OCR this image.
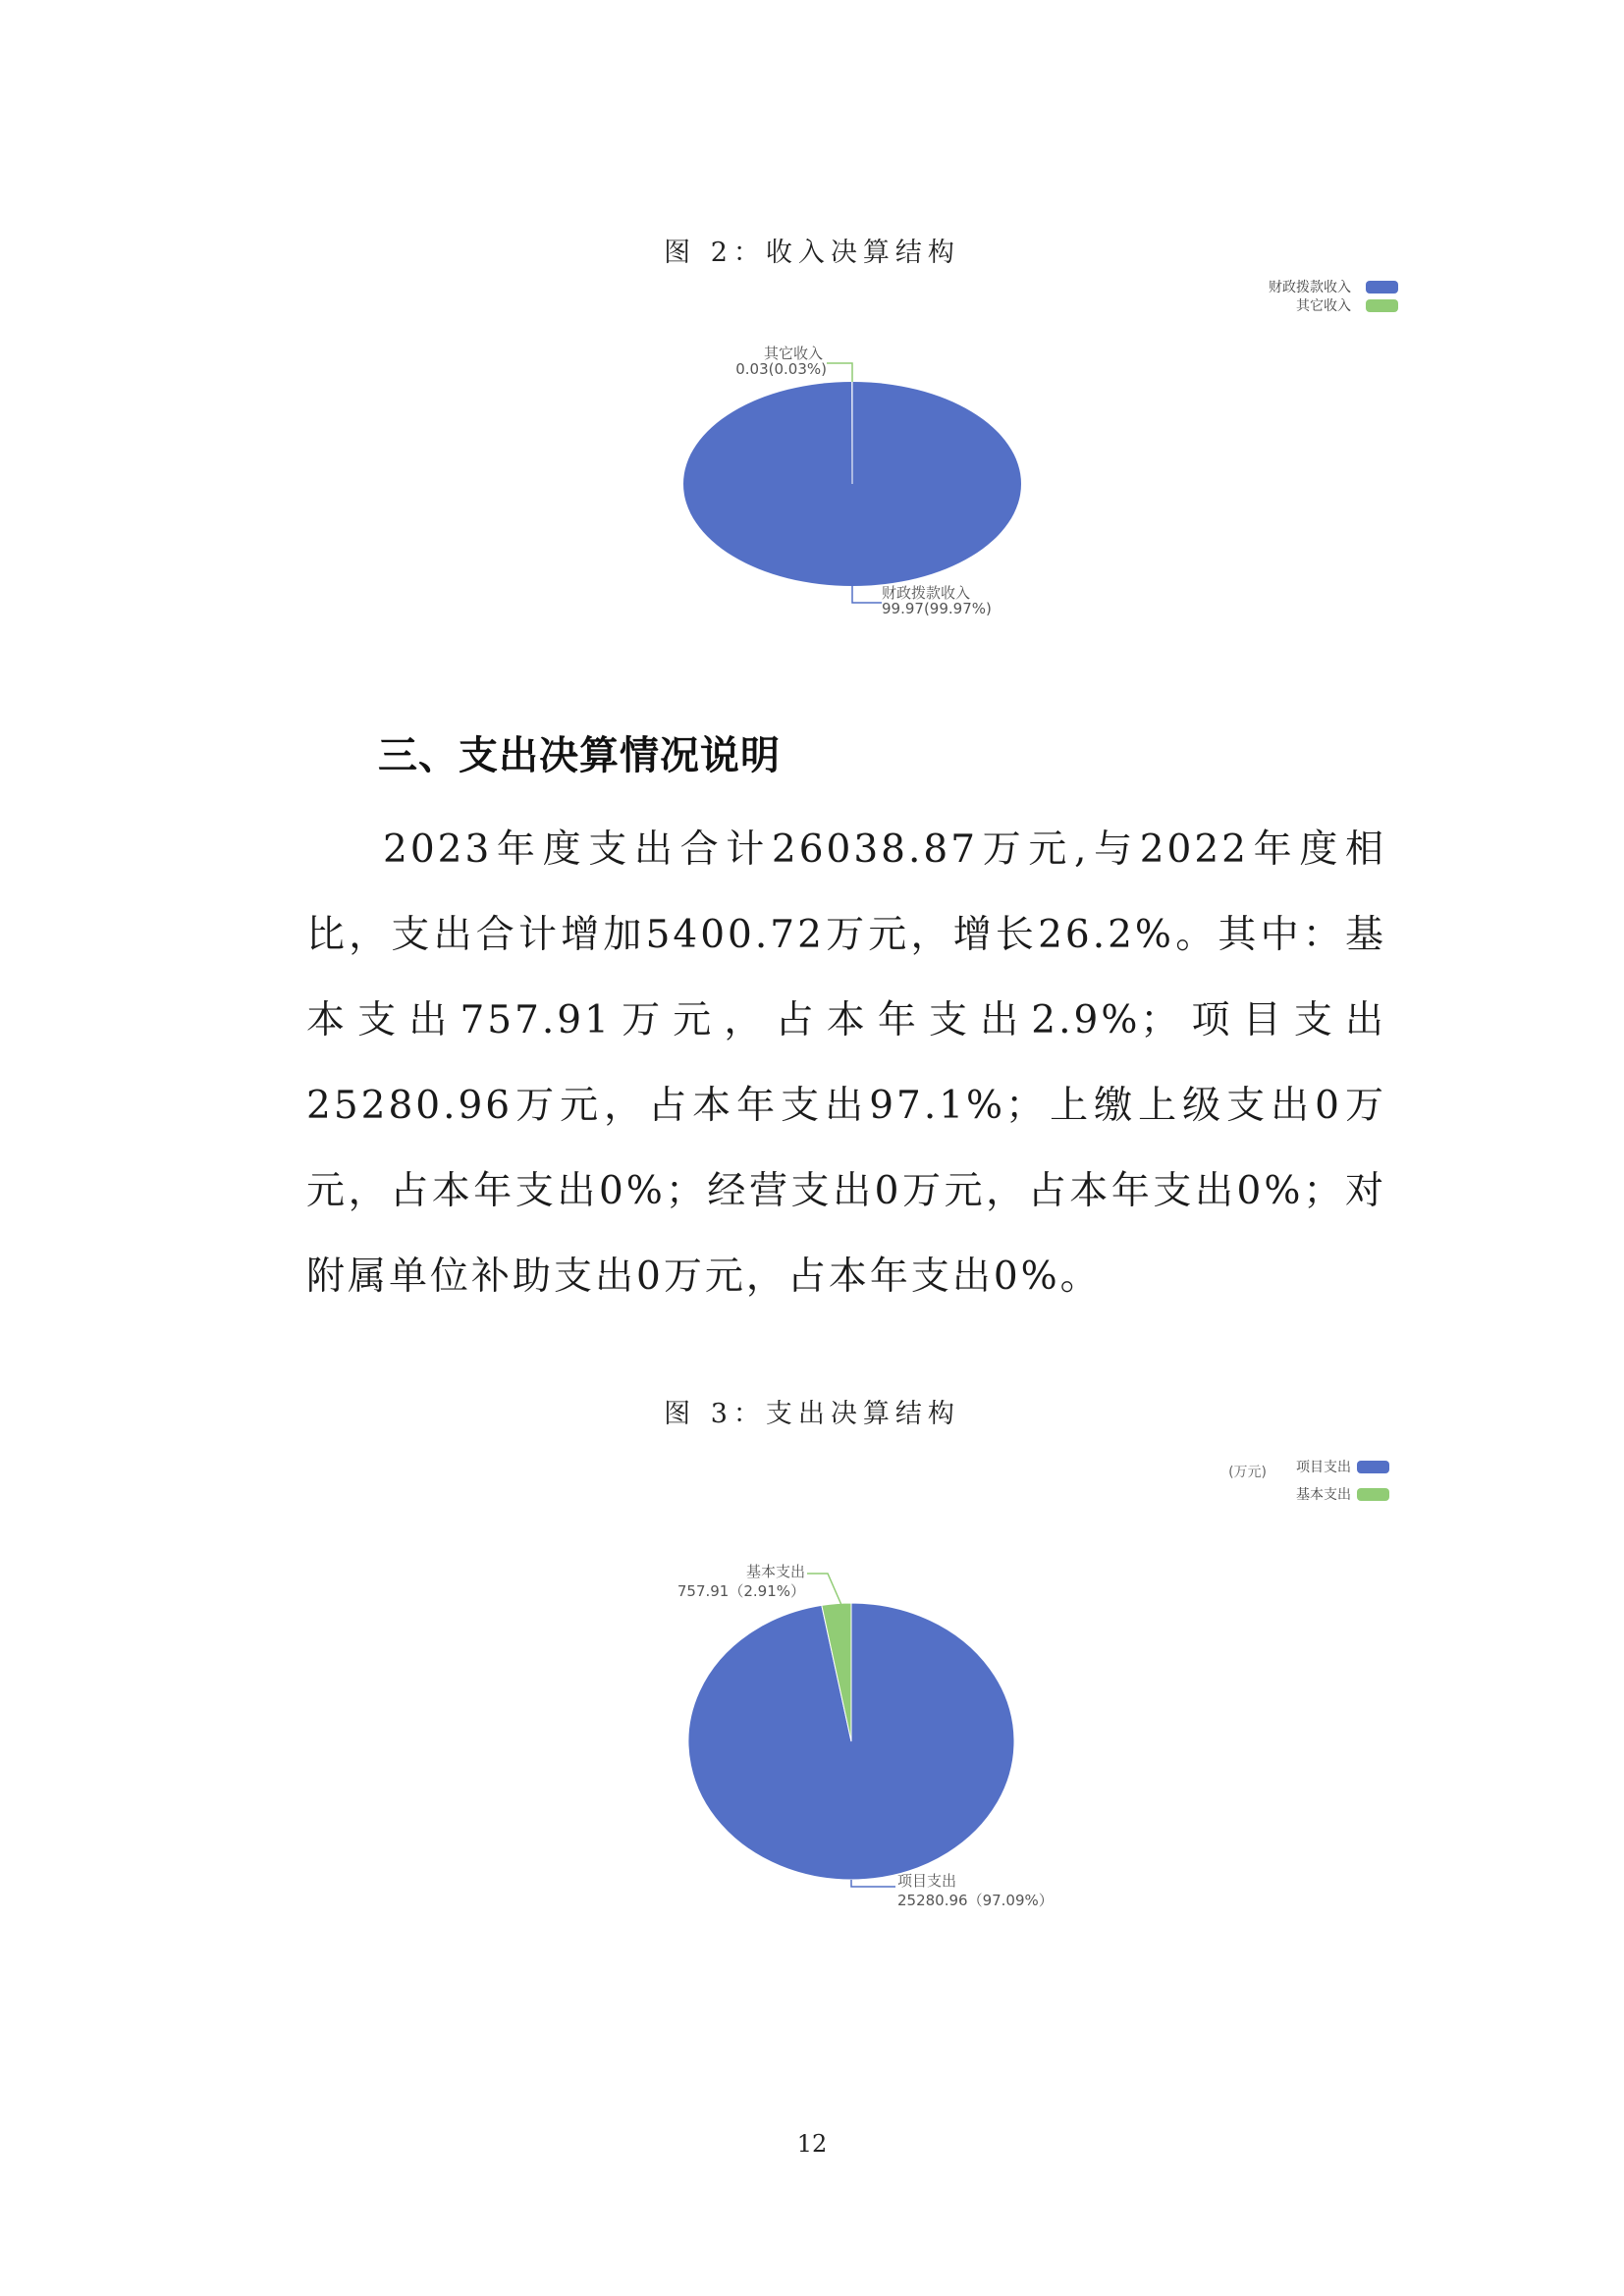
图 2：收入决算结构
财政拨款收入
其它收入
财政拨款收入
99.97(99.97%)
其它收入
0.03(0.03%)
三、支出决算情况说明
2023年度支出合计26038.87万元,与2022年度相比，支出合计增加5400.72万元，增长26.2%。其中：基本支出757.91万元，占本年支出2.9%；项目支出25280.96万元，占本年支出97.1%；上缴上级支出0万元，占本年支出0%；经营支出0万元，占本年支出0%；对附属单位补助支出0万元，占本年支出0%。
图 3：支出决算结构
(万元) 项目支出
基本支出
项目支出
25280.96（97.09%）
基本支出
757.91（2.91%）
12
